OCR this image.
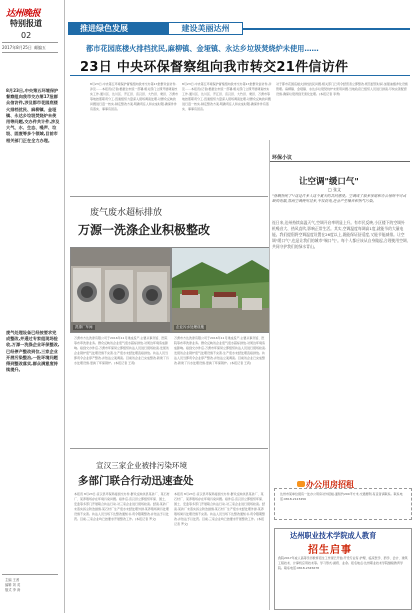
达州晚报
特别报道
02
2017年8月25日 邮编五
8月23日,中央第五环境保护督察组向我市交办第17批群众信访件,涉及都市花园底楼火排档扰民、麻柳镇、金垭镇、永达乡垃圾焚烧炉未使用等问题,交办件共计件,涉及大气、水、生态、噪声、垃圾、固废等多个领域,目前市相关部门正在全力办理。
废气处理设备已经按要求完成整改,并通过专家组现场验收,万源一洗涤企业环保整改,已经停产整改到位,三家企业开展污染整治,一批环境问题得到整改落实,群众满意度持续提升。
主编 王茜
编辑 刘 英
版式 李 涛
推进绿色发展	建设美丽达州
都市花园底楼火排档扰民,麻柳镇、金垭镇、永达乡垃圾焚烧炉未使用……
23日 中央环保督察组向我市转交21件信访件
8月23日,中央第五环境保护督察组向我市交办第17批群众信访件,涉及……本报讯(记者)根据全市统一部署,相关部门立即开展调查核实工作,通川区、达川区、开江县、宣汉县、大竹县、渠县、万源市等地按照职责分工,迅速组织力量深入现场调查处理,对群众反映的问题进行逐一核实,制定整改方案,明确责任人和完成时限,确保件件有落实、事事有回音。
8月23日,中央第五环境保护督察组向我市交办第17批群众信访件,涉及……本报讯(记者)根据全市统一部署,相关部门立即开展调查核实工作,通川区、达川区、开江县、宣汉县、大竹县、渠县、万源市等地按照职责分工,迅速组织力量深入现场调查处理,对群众反映的问题进行逐一核实,制定整改方案,明确责任人和完成时限,确保件件有落实、事事有回音。
对于都市花园底楼火排档扰民问题,相关部门已责令经营者立即整改,规范经营时间,加强油烟净化设施管理。麻柳镇、金垭镇、永达乡垃圾焚烧炉未使用问题,当地政府已组织人员进行排查,尽快完善配套设施,确保垃圾得到无害化处理。(本报记者 李青)
废气废水超标排放
万源一洗涤企业积极整改
洗涤厂车间	企业污水处理设施
万源市方达洗涤有限公司于2016年11月建成投产,主要从事宾馆、医院等布草洗涤业务。群众反映该企业废气废水超标排放,对周边环境造成影响。接到交办件后,万源市环保局立即组织执法人员进行现场检查,发现该企业锅炉废气处理设施不完善,生产废水未经处理直接排放。执法人员当即责令企业停产整改,并依法立案调查。目前该企业已完成整改,新建了污水处理设施,更换了环保锅炉。(本报记者 王莉)
万源市方达洗涤有限公司于2016年11月建成投产,主要从事宾馆、医院等布草洗涤业务。群众反映该企业废气废水超标排放,对周边环境造成影响。接到交办件后,万源市环保局立即组织执法人员进行现场检查,发现该企业锅炉废气处理设施不完善,生产废水未经处理直接排放。执法人员当即责令企业停产整改,并依法立案调查。目前该企业已完成整改,新建了污水处理设施,更换了环保锅炉。(本报记者 王莉)
宣汉三家企业被排污染环境
多部门联合行动迅速查处
本报讯 8月23日,宣汉县环保局接到交办件,群众反映该县某砖厂、某石材厂、某养殖场存在环境污染问题。接件后,宣汉县立即组织环保、国土、安监等多部门开展联合执法行动,对三家企业进行现场检查。经查,某砖厂未落实扬尘防治措施,某石材厂生产废水未经处理外排,某养殖场粪污处理设施不完善。执法人员当场下达整改通知书,责令限期整改,并依法予以处罚。目前,三家企业均已按要求开展整改工作。(本报记者 罗文)
本报讯 8月23日,宣汉县环保局接到交办件,群众反映该县某砖厂、某石材厂、某养殖场存在环境污染问题。接件后,宣汉县立即组织环保、国土、安监等多部门开展联合执法行动,对三家企业进行现场检查。经查,某砖厂未落实扬尘防治措施,某石材厂生产废水未经处理外排,某养殖场粪污处理设施不完善。执法人员当场下达整改通知书,责令限期整改,并依法予以处罚。目前,三家企业均已按要求开展整改工作。(本报记者 罗文)
环保小议
让空调"缓口气"
□ 张文
"热啊热死了"!这是许多人这个夏天的共同感受。空调成了很多家庭和办公场所不可或缺的电器,然而空调使用过多,不仅耗电,还会产生噪音和热气污染。
连日来,达州持续高温天气,空调开启率明显上升。有市民反映,小区楼下的空调外机噪音大、热风直吹,影响正常生活。其实,空调温度每调高1度,就能节约大量电能。我们提倡将空调温度设置在26度以上,既能保证舒适度,又能节能减排。让空调"缓口气",也是让我们的城市"喘口气"。每个人都应该从自身做起,合理使用空调,共同守护我们的绿水青山。
办公用房招租
达州市某单位现有一处办公用房对外招租,面积约200平方米,交通便利,有意者请联系。联系电话:0818-2123456
达州职业技术学院成人教育
招生启事
我院2017年成人高等学历教育招生工作现已开始,开设专业有:护理、临床医学、药学、会计、建筑工程技术、计算机应用技术等。学习形式:函授、业余。报名地点:达州职业技术学院继续教育学院。联系电话:0818-2345678
